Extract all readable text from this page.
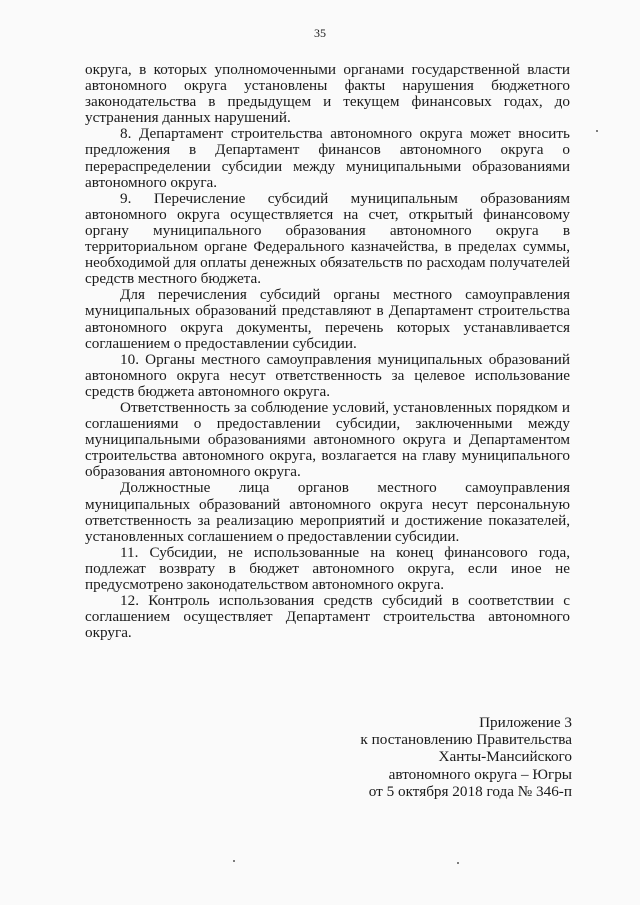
35

округа, в которых уполномоченными органами государственной власти автономного округа установлены факты нарушения бюджетного законодательства в предыдущем и текущем финансовых годах, до устранения данных нарушений.

8. Департамент строительства автономного округа может вносить предложения в Департамент финансов автономного округа о перераспределении субсидии между муниципальными образованиями автономного округа.

9. Перечисление субсидий муниципальным образованиям автономного округа осуществляется на счет, открытый финансовому органу муниципального образования автономного округа в территориальном органе Федерального казначейства, в пределах суммы, необходимой для оплаты денежных обязательств по расходам получателей средств местного бюджета.

Для перечисления субсидий органы местного самоуправления муниципальных образований представляют в Департамент строительства автономного округа документы, перечень которых устанавливается соглашением о предоставлении субсидии.

10. Органы местного самоуправления муниципальных образований автономного округа несут ответственность за целевое использование средств бюджета автономного округа.

Ответственность за соблюдение условий, установленных порядком и соглашениями о предоставлении субсидии, заключенными между муниципальными образованиями автономного округа и Департаментом строительства автономного округа, возлагается на главу муниципального образования автономного округа.

Должностные лица органов местного самоуправления муниципальных образований автономного округа несут персональную ответственность за реализацию мероприятий и достижение показателей, установленных соглашением о предоставлении субсидии.

11. Субсидии, не использованные на конец финансового года, подлежат возврату в бюджет автономного округа, если иное не предусмотрено законодательством автономного округа.

12. Контроль использования средств субсидий в соответствии с соглашением осуществляет Департамент строительства автономного округа.

Приложение 3
к постановлению Правительства
Ханты-Мансийского
автономного округа – Югры
от 5 октября 2018 года № 346-п
